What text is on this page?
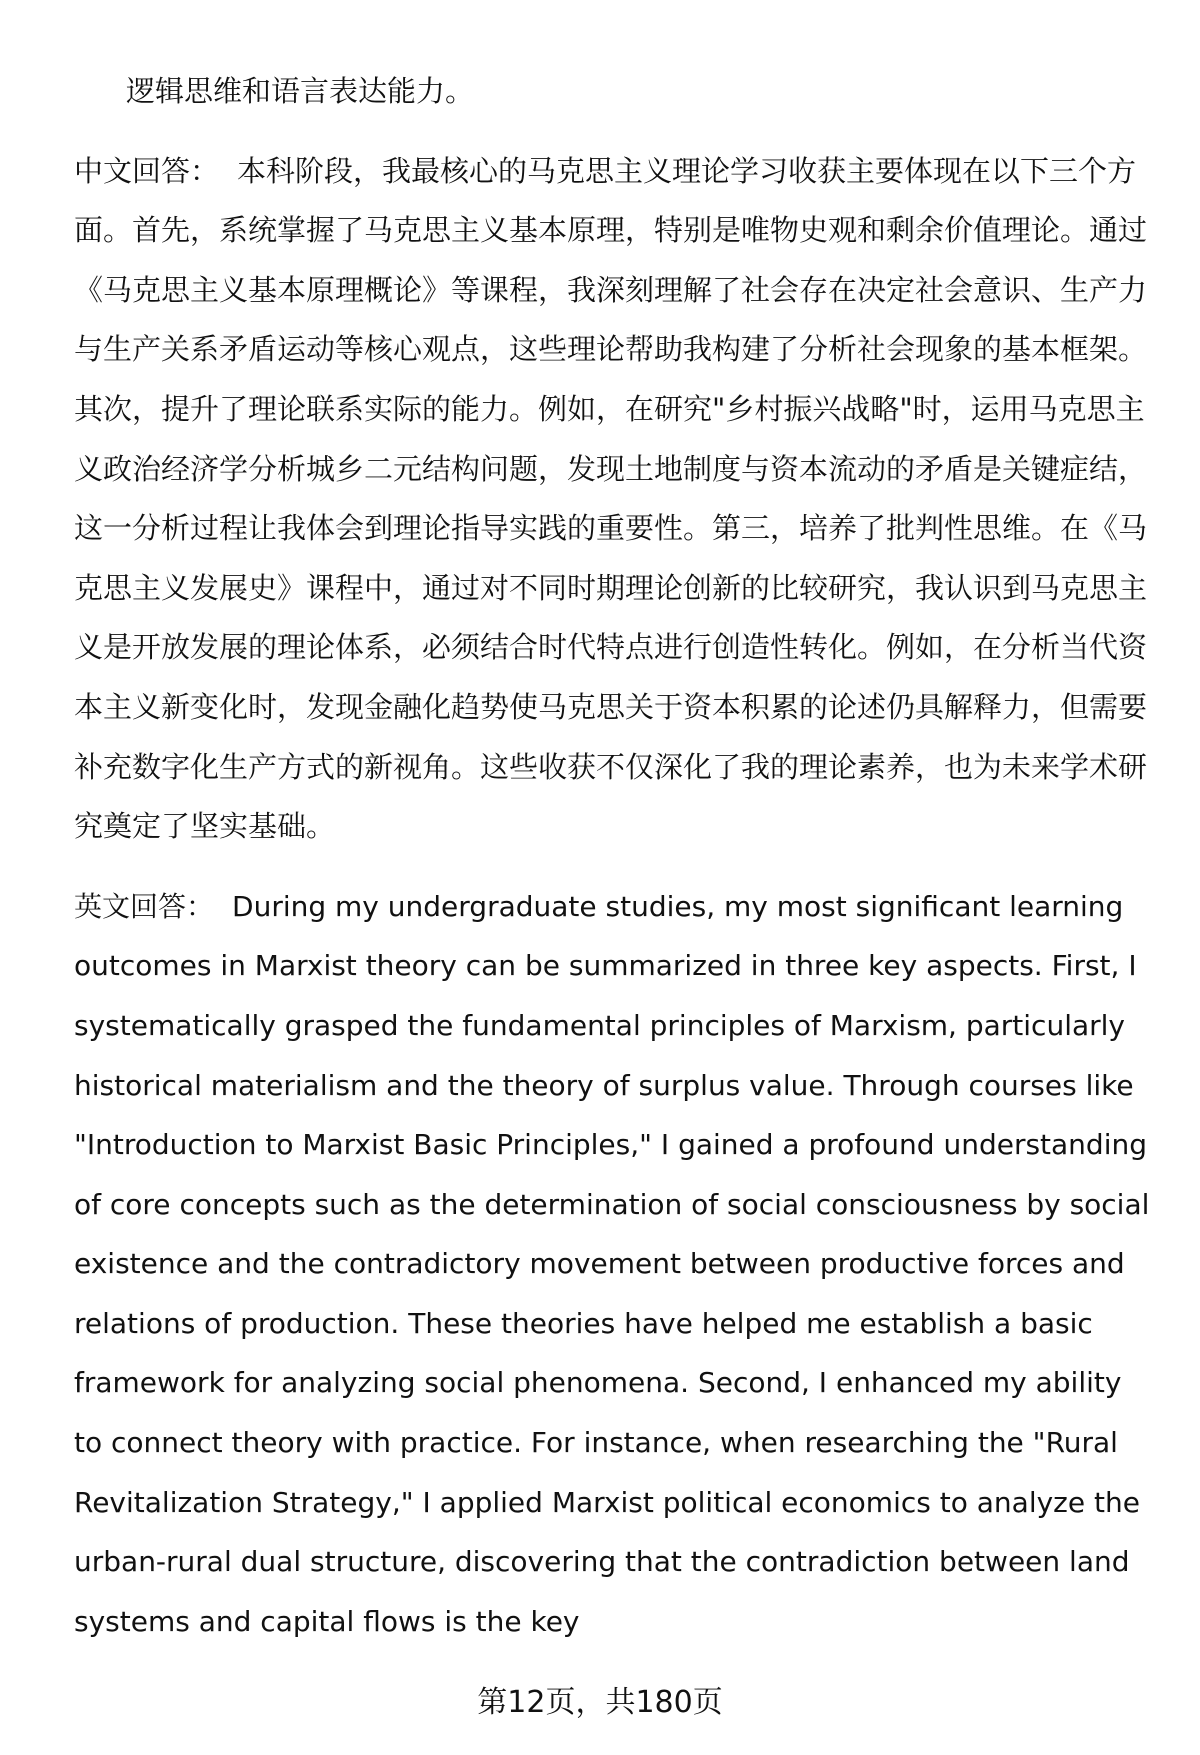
逻辑思维和语言表达能力。

中文回答： 本科阶段，我最核心的马克思主义理论学习收获主要体现在以下三个方面。首先，系统掌握了马克思主义基本原理，特别是唯物史观和剩余价值理论。通过《马克思主义基本原理概论》等课程，我深刻理解了社会存在决定社会意识、生产力与生产关系矛盾运动等核心观点，这些理论帮助我构建了分析社会现象的基本框架。其次，提升了理论联系实际的能力。例如，在研究"乡村振兴战略"时，运用马克思主义政治经济学分析城乡二元结构问题，发现土地制度与资本流动的矛盾是关键症结，这一分析过程让我体会到理论指导实践的重要性。第三，培养了批判性思维。在《马克思主义发展史》课程中，通过对不同时期理论创新的比较研究，我认识到马克思主义是开放发展的理论体系，必须结合时代特点进行创造性转化。例如，在分析当代资本主义新变化时，发现金融化趋势使马克思关于资本积累的论述仍具解释力，但需要补充数字化生产方式的新视角。这些收获不仅深化了我的理论素养，也为未来学术研究奠定了坚实基础。

英文回答： During my undergraduate studies, my most significant learning outcomes in Marxist theory can be summarized in three key aspects. First, I systematically grasped the fundamental principles of Marxism, particularly historical materialism and the theory of surplus value. Through courses like "Introduction to Marxist Basic Principles," I gained a profound understanding of core concepts such as the determination of social consciousness by social existence and the contradictory movement between productive forces and relations of production. These theories have helped me establish a basic framework for analyzing social phenomena. Second, I enhanced my ability to connect theory with practice. For instance, when researching the "Rural Revitalization Strategy," I applied Marxist political economics to analyze the urban-rural dual structure, discovering that the contradiction between land systems and capital flows is the key

第12页，共180页
